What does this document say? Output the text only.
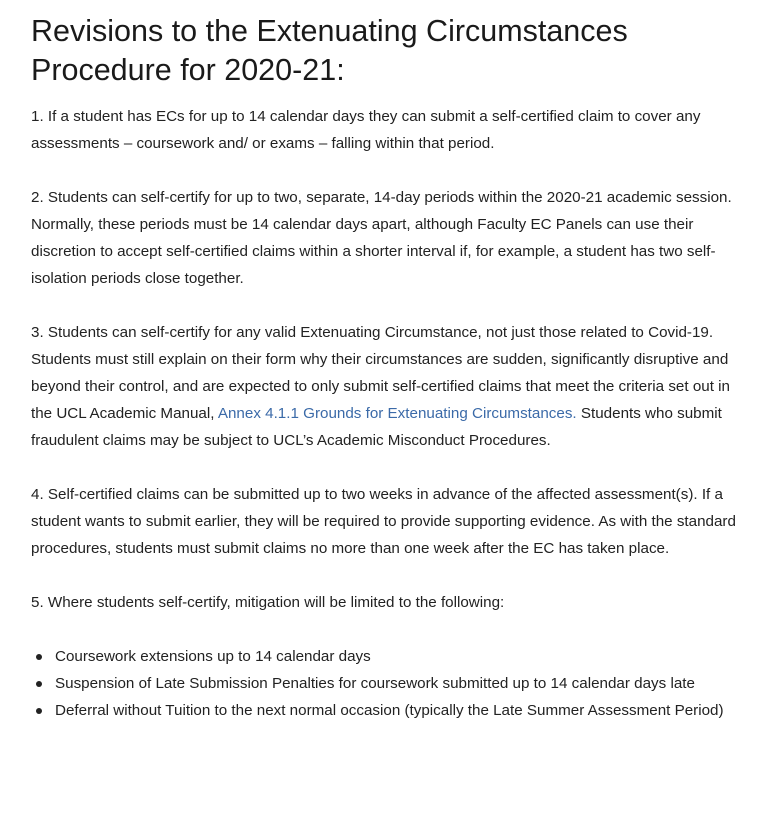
Revisions to the Extenuating Circumstances Procedure for 2020-21:

1. If a student has ECs for up to 14 calendar days they can submit a self-certified claim to cover any assessments – coursework and/ or exams – falling within that period.

2. Students can self-certify for up to two, separate, 14-day periods within the 2020-21 academic session. Normally, these periods must be 14 calendar days apart, although Faculty EC Panels can use their discretion to accept self-certified claims within a shorter interval if, for example, a student has two self-isolation periods close together.

3. Students can self-certify for any valid Extenuating Circumstance, not just those related to Covid-19. Students must still explain on their form why their circumstances are sudden, significantly disruptive and beyond their control, and are expected to only submit self-certified claims that meet the criteria set out in the UCL Academic Manual, Annex 4.1.1 Grounds for Extenuating Circumstances. Students who submit fraudulent claims may be subject to UCL’s Academic Misconduct Procedures.

4. Self-certified claims can be submitted up to two weeks in advance of the affected assessment(s). If a student wants to submit earlier, they will be required to provide supporting evidence. As with the standard procedures, students must submit claims no more than one week after the EC has taken place.

5. Where students self-certify, mitigation will be limited to the following:

Coursework extensions up to 14 calendar days
Suspension of Late Submission Penalties for coursework submitted up to 14 calendar days late
Deferral without Tuition to the next normal occasion (typically the Late Summer Assessment Period)
